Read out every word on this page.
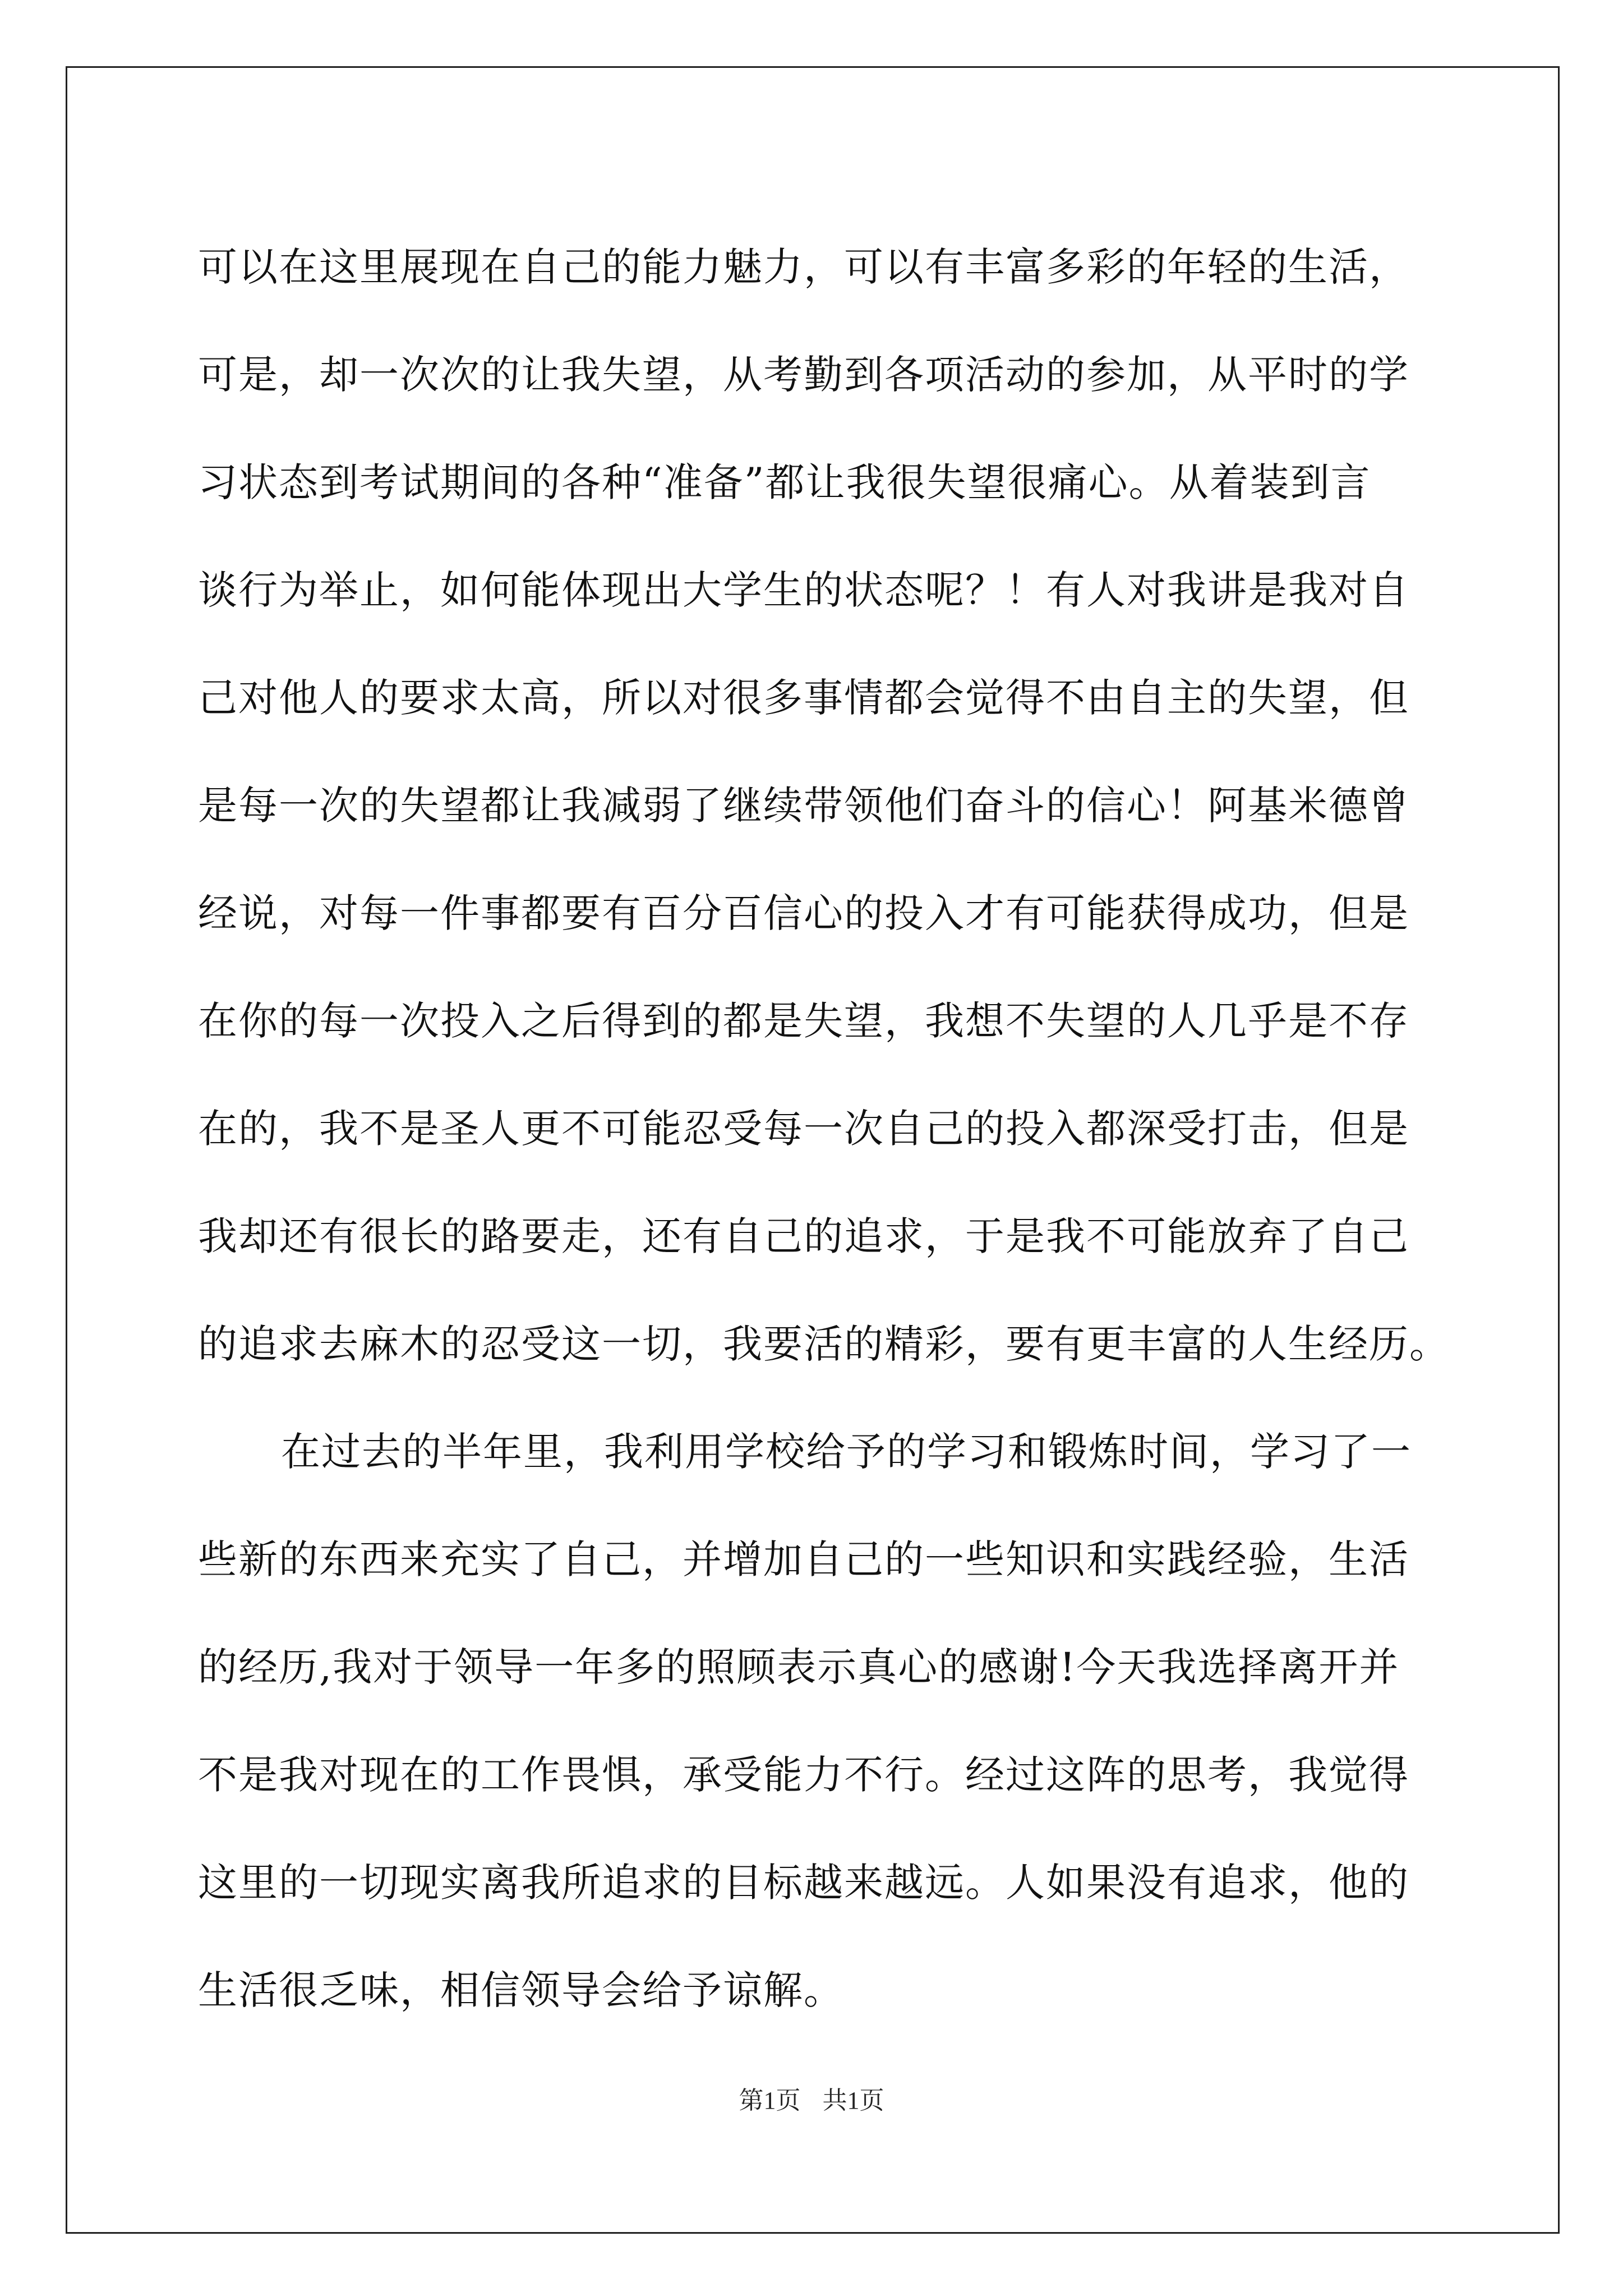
可以在这里展现在自己的能力魅力，可以有丰富多彩的年轻的生活，
可是，却一次次的让我失望，从考勤到各项活动的参加，从平时的学
习状态到考试期间的各种“准备”都让我很失望很痛心。从着装到言
谈行为举止，如何能体现出大学生的状态呢？！有人对我讲是我对自
己对他人的要求太高，所以对很多事情都会觉得不由自主的失望，但
是每一次的失望都让我减弱了继续带领他们奋斗的信心！阿基米德曾
经说，对每一件事都要有百分百信心的投入才有可能获得成功，但是
在你的每一次投入之后得到的都是失望，我想不失望的人几乎是不存
在的，我不是圣人更不可能忍受每一次自己的投入都深受打击，但是
我却还有很长的路要走，还有自己的追求，于是我不可能放弃了自己
的追求去麻木的忍受这一切，我要活的精彩，要有更丰富的人生经历。
在过去的半年里，我利用学校给予的学习和锻炼时间，学习了一
些新的东西来充实了自己，并增加自己的一些知识和实践经验，生活
的经历,我对于领导一年多的照顾表示真心的感谢!今天我选择离开并
不是我对现在的工作畏惧，承受能力不行。经过这阵的思考，我觉得
这里的一切现实离我所追求的目标越来越远。人如果没有追求，他的
生活很乏味，相信领导会给予谅解。
第1页 共1页
